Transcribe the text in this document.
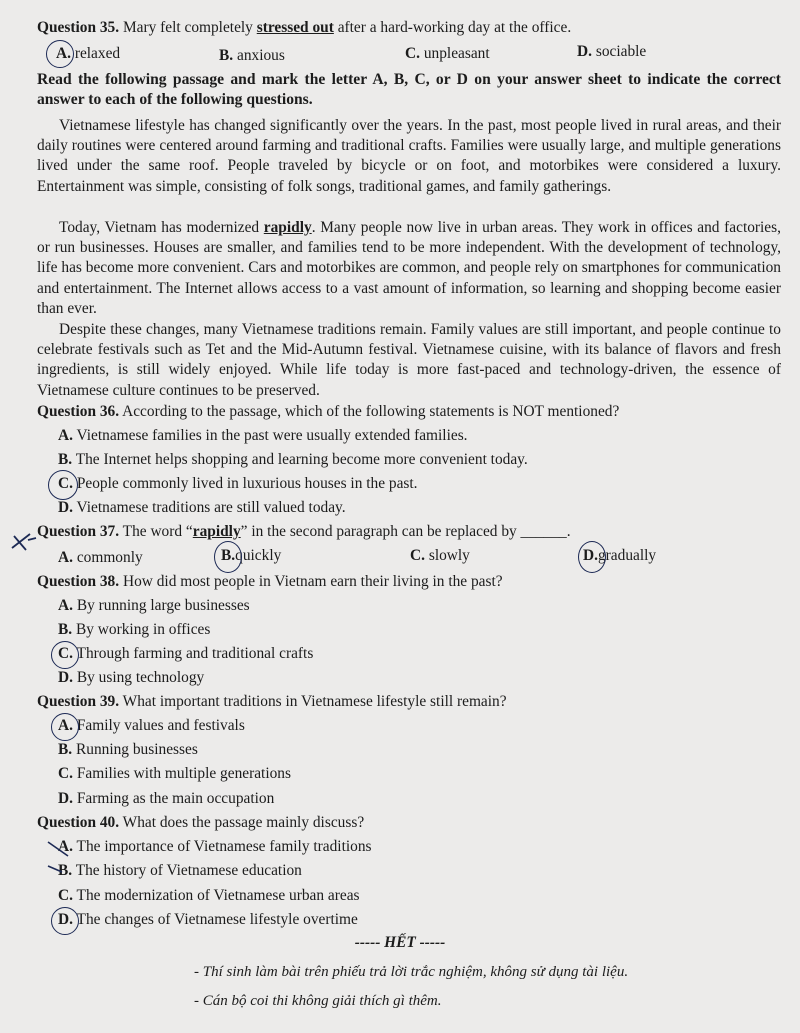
Question 35. Mary felt completely stressed out after a hard-working day at the office.
A. relaxed	B. anxious	C. unpleasant	D. sociable
Read the following passage and mark the letter A, B, C, or D on your answer sheet to indicate the correct answer to each of the following questions.
Vietnamese lifestyle has changed significantly over the years. In the past, most people lived in rural areas, and their daily routines were centered around farming and traditional crafts. Families were usually large, and multiple generations lived under the same roof. People traveled by bicycle or on foot, and motorbikes were considered a luxury. Entertainment was simple, consisting of folk songs, traditional games, and family gatherings.
Today, Vietnam has modernized rapidly. Many people now live in urban areas. They work in offices and factories, or run businesses. Houses are smaller, and families tend to be more independent. With the development of technology, life has become more convenient. Cars and motorbikes are common, and people rely on smartphones for communication and entertainment. The Internet allows access to a vast amount of information, so learning and shopping become easier than ever.
Despite these changes, many Vietnamese traditions remain. Family values are still important, and people continue to celebrate festivals such as Tet and the Mid-Autumn festival. Vietnamese cuisine, with its balance of flavors and fresh ingredients, is still widely enjoyed. While life today is more fast-paced and technology-driven, the essence of Vietnamese culture continues to be preserved.
Question 36. According to the passage, which of the following statements is NOT mentioned?
A. Vietnamese families in the past were usually extended families.
B. The Internet helps shopping and learning become more convenient today.
C. People commonly lived in luxurious houses in the past.
D. Vietnamese traditions are still valued today.
Question 37. The word “rapidly” in the second paragraph can be replaced by ______.
A. commonly	B.quickly	C. slowly	D.gradually
Question 38. How did most people in Vietnam earn their living in the past?
A. By running large businesses
B. By working in offices
C. Through farming and traditional crafts
D. By using technology
Question 39. What important traditions in Vietnamese lifestyle still remain?
A. Family values and festivals
B. Running businesses
C. Families with multiple generations
D. Farming as the main occupation
Question 40. What does the passage mainly discuss?
A. The importance of Vietnamese family traditions
B. The history of Vietnamese education
C. The modernization of Vietnamese urban areas
D. The changes of Vietnamese lifestyle overtime
----- HẾT -----
- Thí sinh làm bài trên phiếu trả lời trắc nghiệm, không sử dụng tài liệu.
- Cán bộ coi thi không giải thích gì thêm.
